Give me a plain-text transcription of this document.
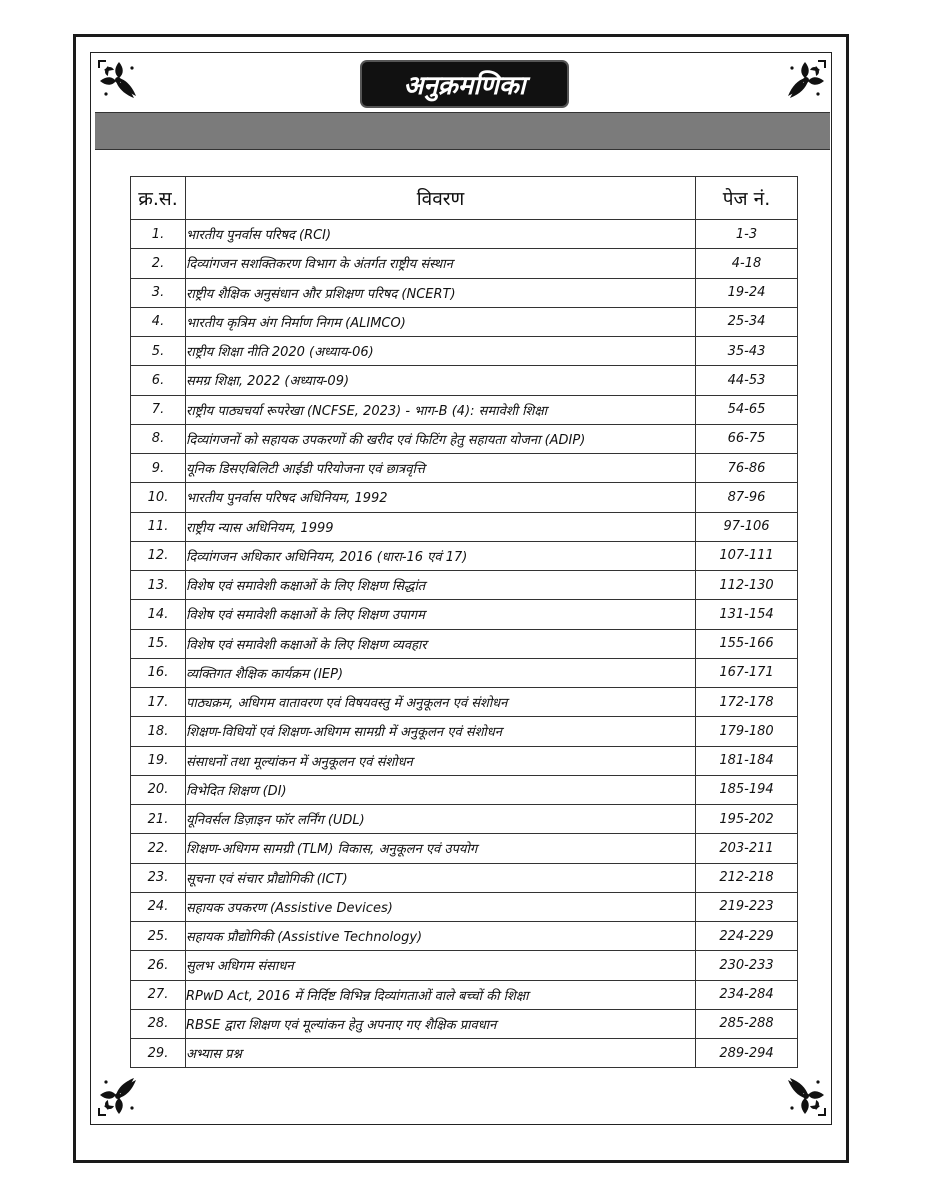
अनुक्रमणिका
क्र.स.	विवरण	पेज नं.
1.	भारतीय पुनर्वास परिषद (RCI)	1-3
2.	दिव्यांगजन सशक्तिकरण विभाग के अंतर्गत राष्ट्रीय संस्थान	4-18
3.	राष्ट्रीय शैक्षिक अनुसंधान और प्रशिक्षण परिषद (NCERT)	19-24
4.	भारतीय कृत्रिम अंग निर्माण निगम (ALIMCO)	25-34
5.	राष्ट्रीय शिक्षा नीति 2020 (अध्याय-06)	35-43
6.	समग्र शिक्षा, 2022 (अध्याय-09)	44-53
7.	राष्ट्रीय पाठ्यचर्या रूपरेखा (NCFSE, 2023) - भाग-B (4): समावेशी शिक्षा	54-65
8.	दिव्यांगजनों को सहायक उपकरणों की खरीद एवं फिटिंग हेतु सहायता योजना (ADIP)	66-75
9.	यूनिक डिसएबिलिटी आईडी परियोजना एवं छात्रवृत्ति	76-86
10.	भारतीय पुनर्वास परिषद अधिनियम, 1992	87-96
11.	राष्ट्रीय न्यास अधिनियम, 1999	97-106
12.	दिव्यांगजन अधिकार अधिनियम, 2016 (धारा-16 एवं 17)	107-111
13.	विशेष एवं समावेशी कक्षाओं के लिए शिक्षण सिद्धांत	112-130
14.	विशेष एवं समावेशी कक्षाओं के लिए शिक्षण उपागम	131-154
15.	विशेष एवं समावेशी कक्षाओं के लिए शिक्षण व्यवहार	155-166
16.	व्यक्तिगत शैक्षिक कार्यक्रम (IEP)	167-171
17.	पाठ्यक्रम, अधिगम वातावरण एवं विषयवस्तु में अनुकूलन एवं संशोधन	172-178
18.	शिक्षण-विधियों एवं शिक्षण-अधिगम सामग्री में अनुकूलन एवं संशोधन	179-180
19.	संसाधनों तथा मूल्यांकन में अनुकूलन एवं संशोधन	181-184
20.	विभेदित शिक्षण (DI)	185-194
21.	यूनिवर्सल डिज़ाइन फॉर लर्निंग (UDL)	195-202
22.	शिक्षण-अधिगम सामग्री (TLM) विकास, अनुकूलन एवं उपयोग	203-211
23.	सूचना एवं संचार प्रौद्योगिकी (ICT)	212-218
24.	सहायक उपकरण (Assistive Devices)	219-223
25.	सहायक प्रौद्योगिकी (Assistive Technology)	224-229
26.	सुलभ अधिगम संसाधन	230-233
27.	RPwD Act, 2016 में निर्दिष्ट विभिन्न दिव्यांगताओं वाले बच्चों की शिक्षा	234-284
28.	RBSE द्वारा शिक्षण एवं मूल्यांकन हेतु अपनाए गए शैक्षिक प्रावधान	285-288
29.	अभ्यास प्रश्न	289-294
